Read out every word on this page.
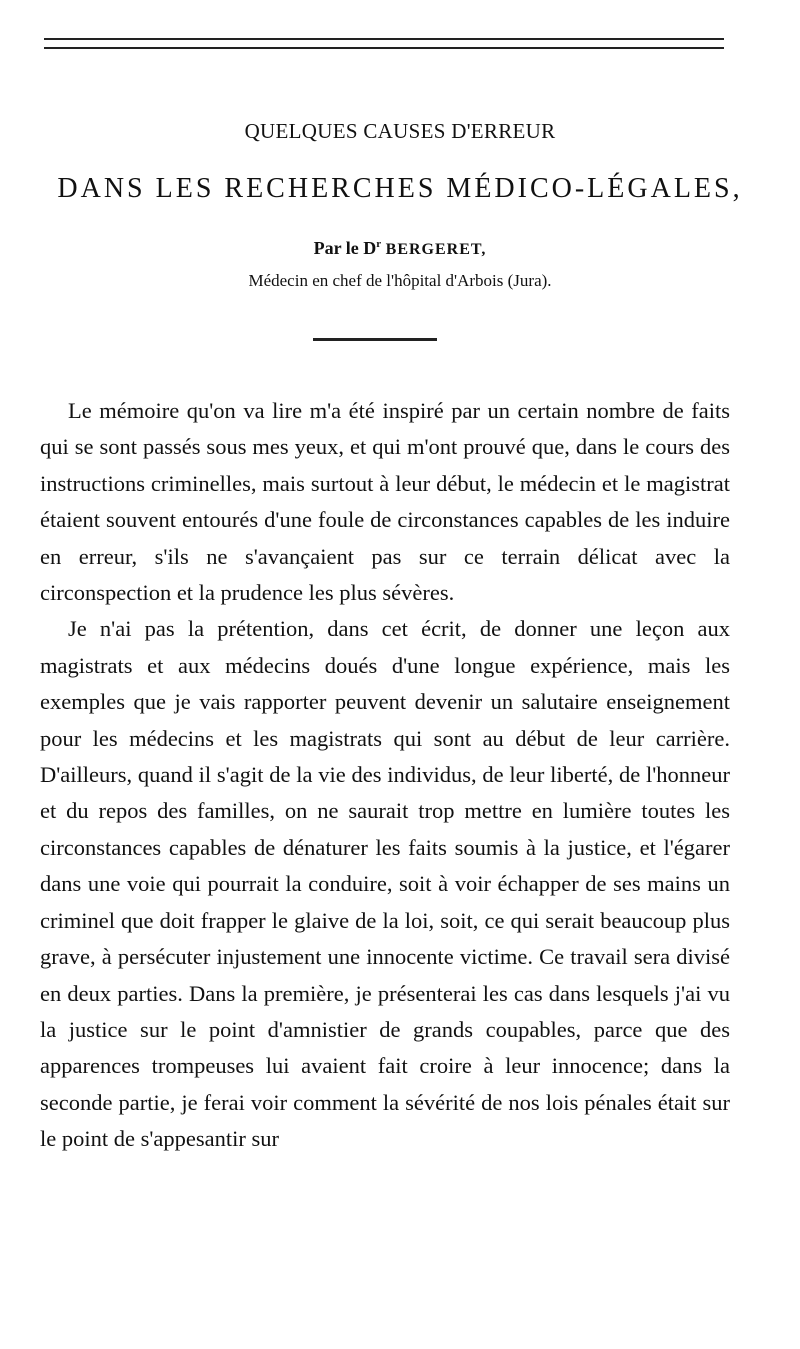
QUELQUES CAUSES D'ERREUR
DANS LES RECHERCHES MÉDICO-LÉGALES,
Par le $D^r$ BERGERET,
Médecin en chef de l'hôpital d'Arbois (Jura).

Le mémoire qu'on va lire m'a été inspiré par un certain nombre de faits qui se sont passés sous mes yeux, et qui m'ont prouvé que, dans le cours des instructions criminelles, mais surtout à leur début, le médecin et le magistrat étaient souvent entourés d'une foule de circonstances capables de les induire en erreur, s'ils ne s'avançaient pas sur ce terrain délicat avec la circonspection et la prudence les plus sévères.

Je n'ai pas la prétention, dans cet écrit, de donner une leçon aux magistrats et aux médecins doués d'une longue expérience, mais les exemples que je vais rapporter peuvent devenir un salutaire enseignement pour les médecins et les magistrats qui sont au début de leur carrière. D'ailleurs, quand il s'agit de la vie des individus, de leur liberté, de l'honneur et du repos des familles, on ne saurait trop mettre en lumière toutes les circonstances capables de dénaturer les faits soumis à la justice, et l'égarer dans une voie qui pourrait la conduire, soit à voir échapper de ses mains un criminel que doit frapper le glaive de la loi, soit, ce qui serait beaucoup plus grave, à persécuter injustement une innocente victime. Ce travail sera divisé en deux parties. Dans la première, je présenterai les cas dans lesquels j'ai vu la justice sur le point d'amnistier de grands coupables, parce que des apparences trompeuses lui avaient fait croire à leur innocence; dans la seconde partie, je ferai voir comment la sévérité de nos lois pénales était sur le point de s'appesantir sur
